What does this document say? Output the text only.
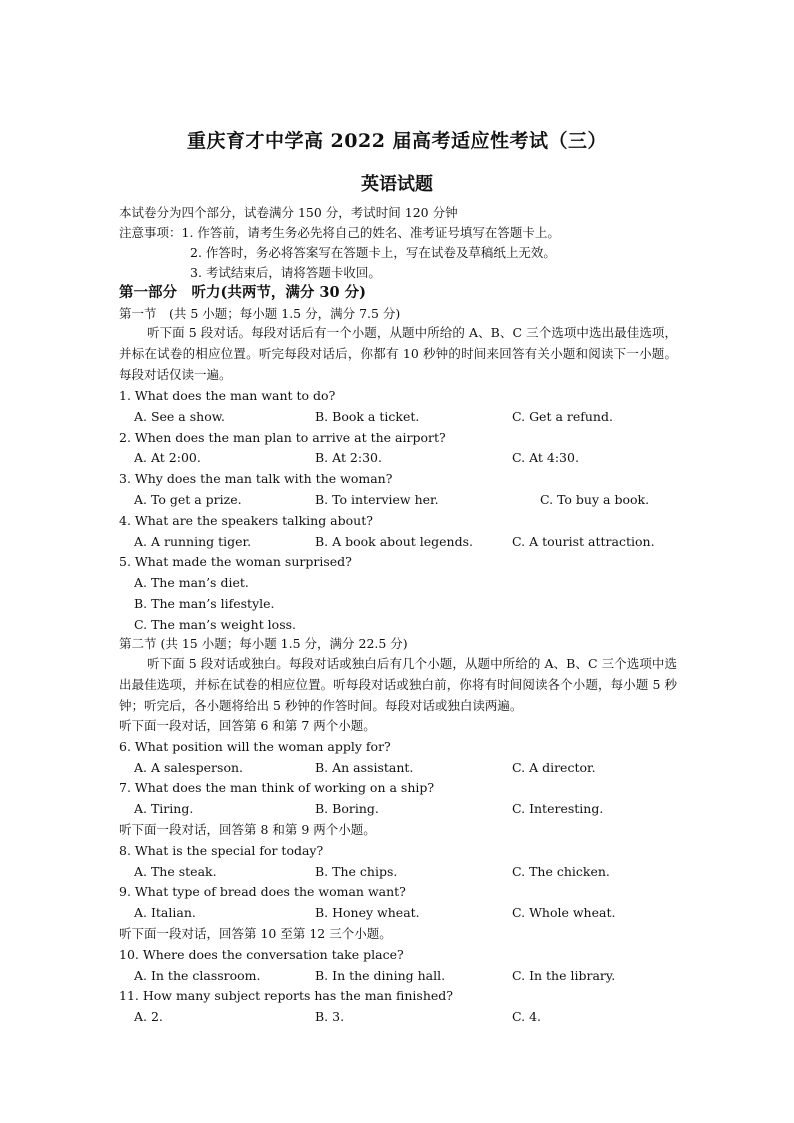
重庆育才中学高 2022 届高考适应性考试（三）
英语试题
本试卷分为四个部分，试卷满分 150 分，考试时间 120 分钟
注意事项：1. 作答前，请考生务必先将自己的姓名、准考证号填写在答题卡上。
2. 作答时，务必将答案写在答题卡上，写在试卷及草稿纸上无效。
3. 考试结束后，请将答题卡收回。
第一部分　听力(共两节，满分 30 分)
第一节　(共 5 小题；每小题 1.5 分，满分 7.5 分)
听下面 5 段对话。每段对话后有一个小题，从题中所给的 A、B、C 三个选项中选出最佳选项，并标在试卷的相应位置。听完每段对话后，你都有 10 秒钟的时间来回答有关小题和阅读下一小题。每段对话仅读一遍。
1. What does the man want to do?
A. See a show.	B. Book a ticket.	C. Get a refund.
2. When does the man plan to arrive at the airport?
A. At 2:00.	B. At 2:30.	C. At 4:30.
3. Why does the man talk with the woman?
A. To get a prize.	B. To interview her.	C. To buy a book.
4. What are the speakers talking about?
A. A running tiger.	B. A book about legends.	C. A tourist attraction.
5. What made the woman surprised?
A. The man’s diet.
B. The man’s lifestyle.
C. The man’s weight loss.
第二节 (共 15 小题；每小题 1.5 分，满分 22.5 分)
听下面 5 段对话或独白。每段对话或独白后有几个小题，从题中所给的 A、B、C 三个选项中选出最佳选项，并标在试卷的相应位置。听每段对话或独白前，你将有时间阅读各个小题，每小题 5 秒钟；听完后，各小题将给出 5 秒钟的作答时间。每段对话或独白读两遍。
听下面一段对话，回答第 6 和第 7 两个小题。
6. What position will the woman apply for?
A. A salesperson.	B. An assistant.	C. A director.
7. What does the man think of working on a ship?
A. Tiring.	B. Boring.	C. Interesting.
听下面一段对话，回答第 8 和第 9 两个小题。
8. What is the special for today?
A. The steak.	B. The chips.	C. The chicken.
9. What type of bread does the woman want?
A. Italian.	B. Honey wheat.	C. Whole wheat.
听下面一段对话，回答第 10 至第 12 三个小题。
10. Where does the conversation take place?
A. In the classroom.	B. In the dining hall.	C. In the library.
11. How many subject reports has the man finished?
A. 2.	B. 3.	C. 4.
